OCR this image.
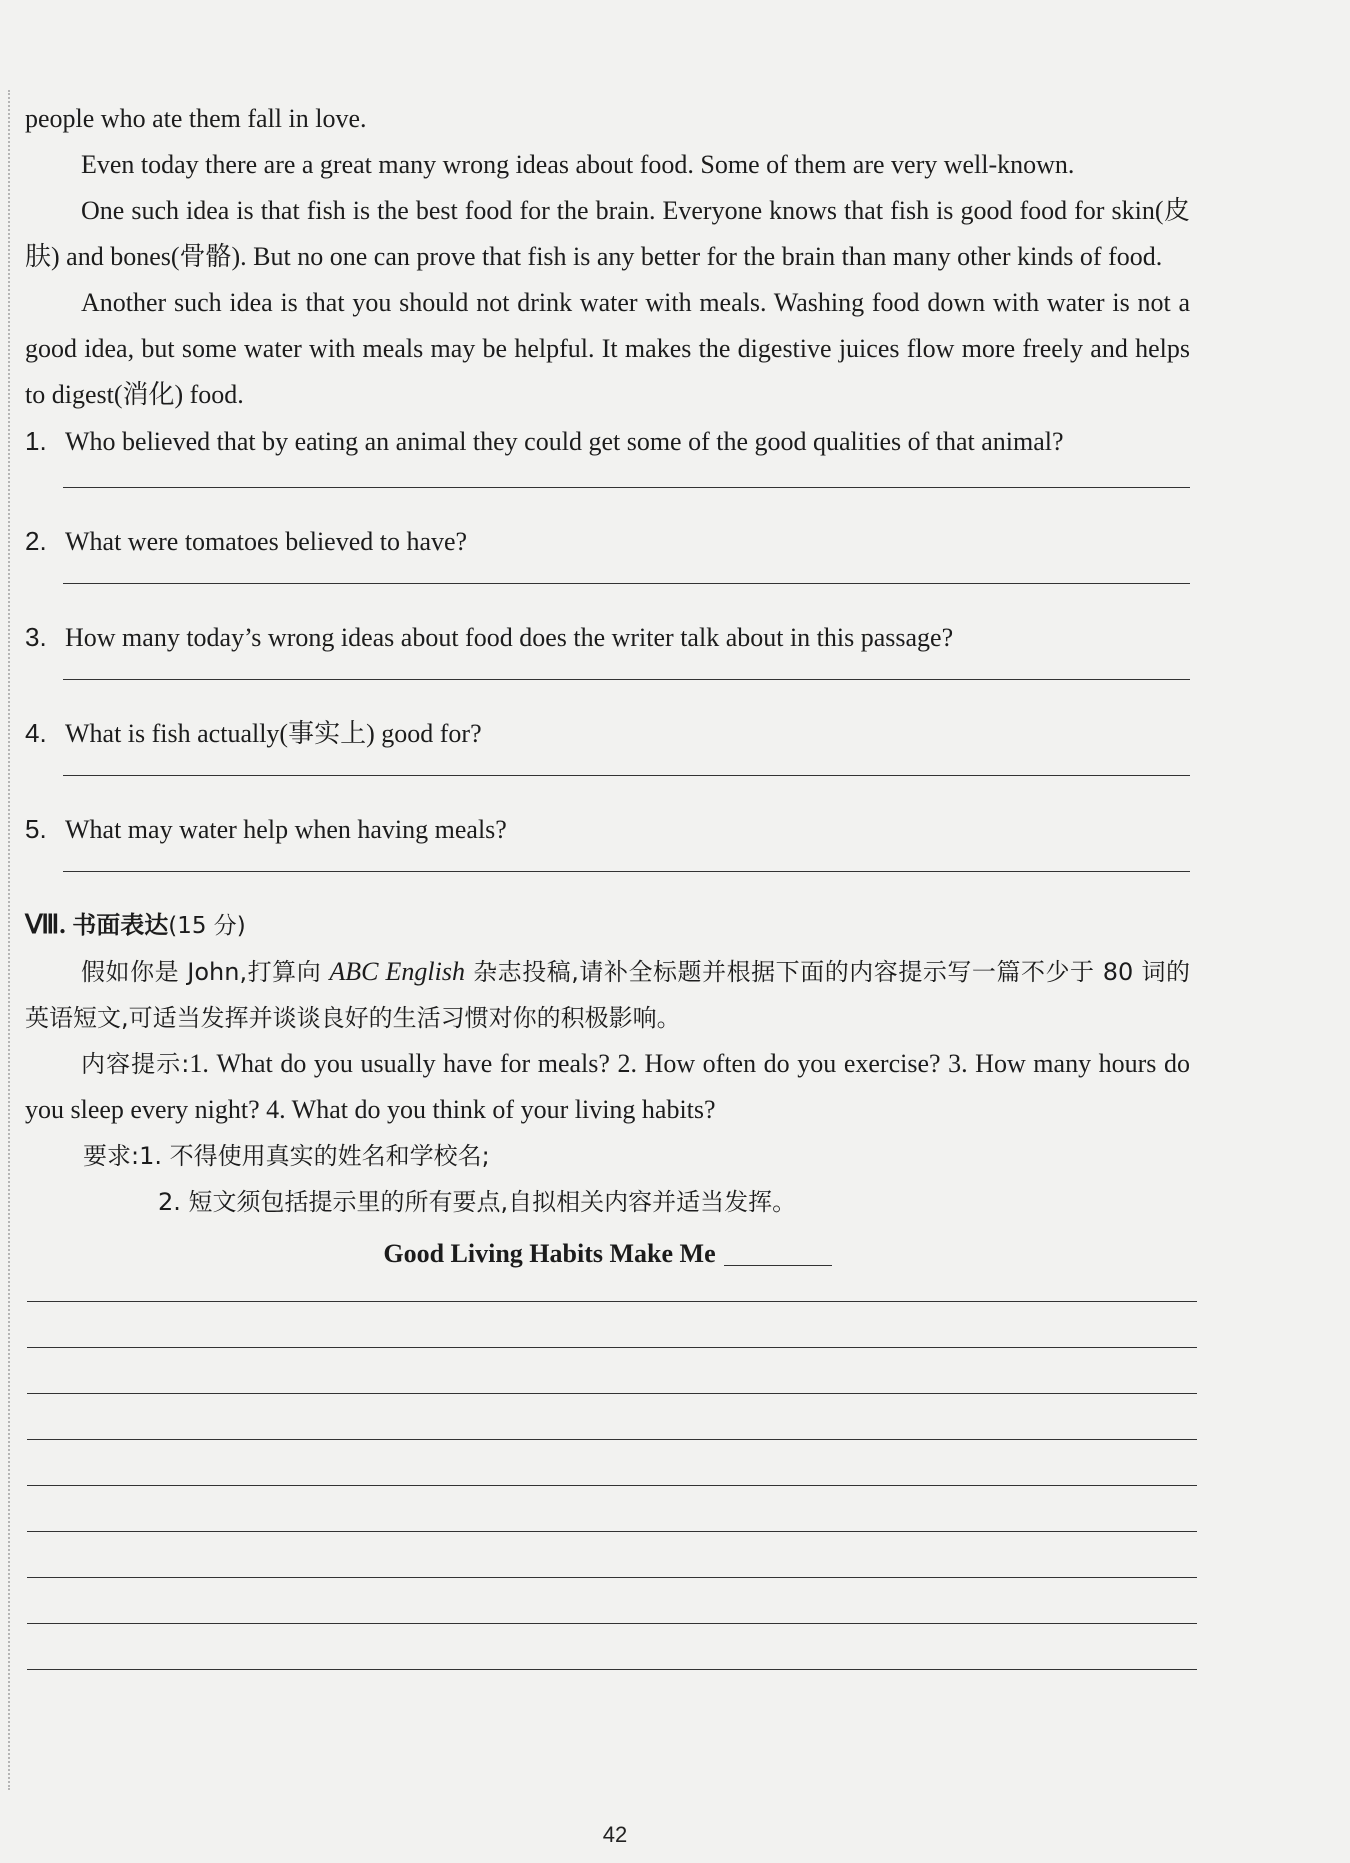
people who ate them fall in love.

Even today there are a great many wrong ideas about food. Some of them are very well-known.

One such idea is that fish is the best food for the brain. Everyone knows that fish is good food for skin(皮肤) and bones(骨骼). But no one can prove that fish is any better for the brain than many other kinds of food.

Another such idea is that you should not drink water with meals. Washing food down with water is not a good idea, but some water with meals may be helpful. It makes the digestive juices flow more freely and helps to digest(消化) food.

1. Who believed that by eating an animal they could get some of the good qualities of that animal?

2. What were tomatoes believed to have?

3. How many today’s wrong ideas about food does the writer talk about in this passage?

4. What is fish actually(事实上) good for?

5. What may water help when having meals?

Ⅷ. 书面表达(15 分)

假如你是 John,打算向 ABC English 杂志投稿,请补全标题并根据下面的内容提示写一篇不少于 80 词的英语短文,可适当发挥并谈谈良好的生活习惯对你的积极影响。

内容提示:1. What do you usually have for meals? 2. How often do you exercise? 3. How many hours do you sleep every night? 4. What do you think of your living habits?

要求:1. 不得使用真实的姓名和学校名;

2. 短文须包括提示里的所有要点,自拟相关内容并适当发挥。

Good Living Habits Make Me

42
